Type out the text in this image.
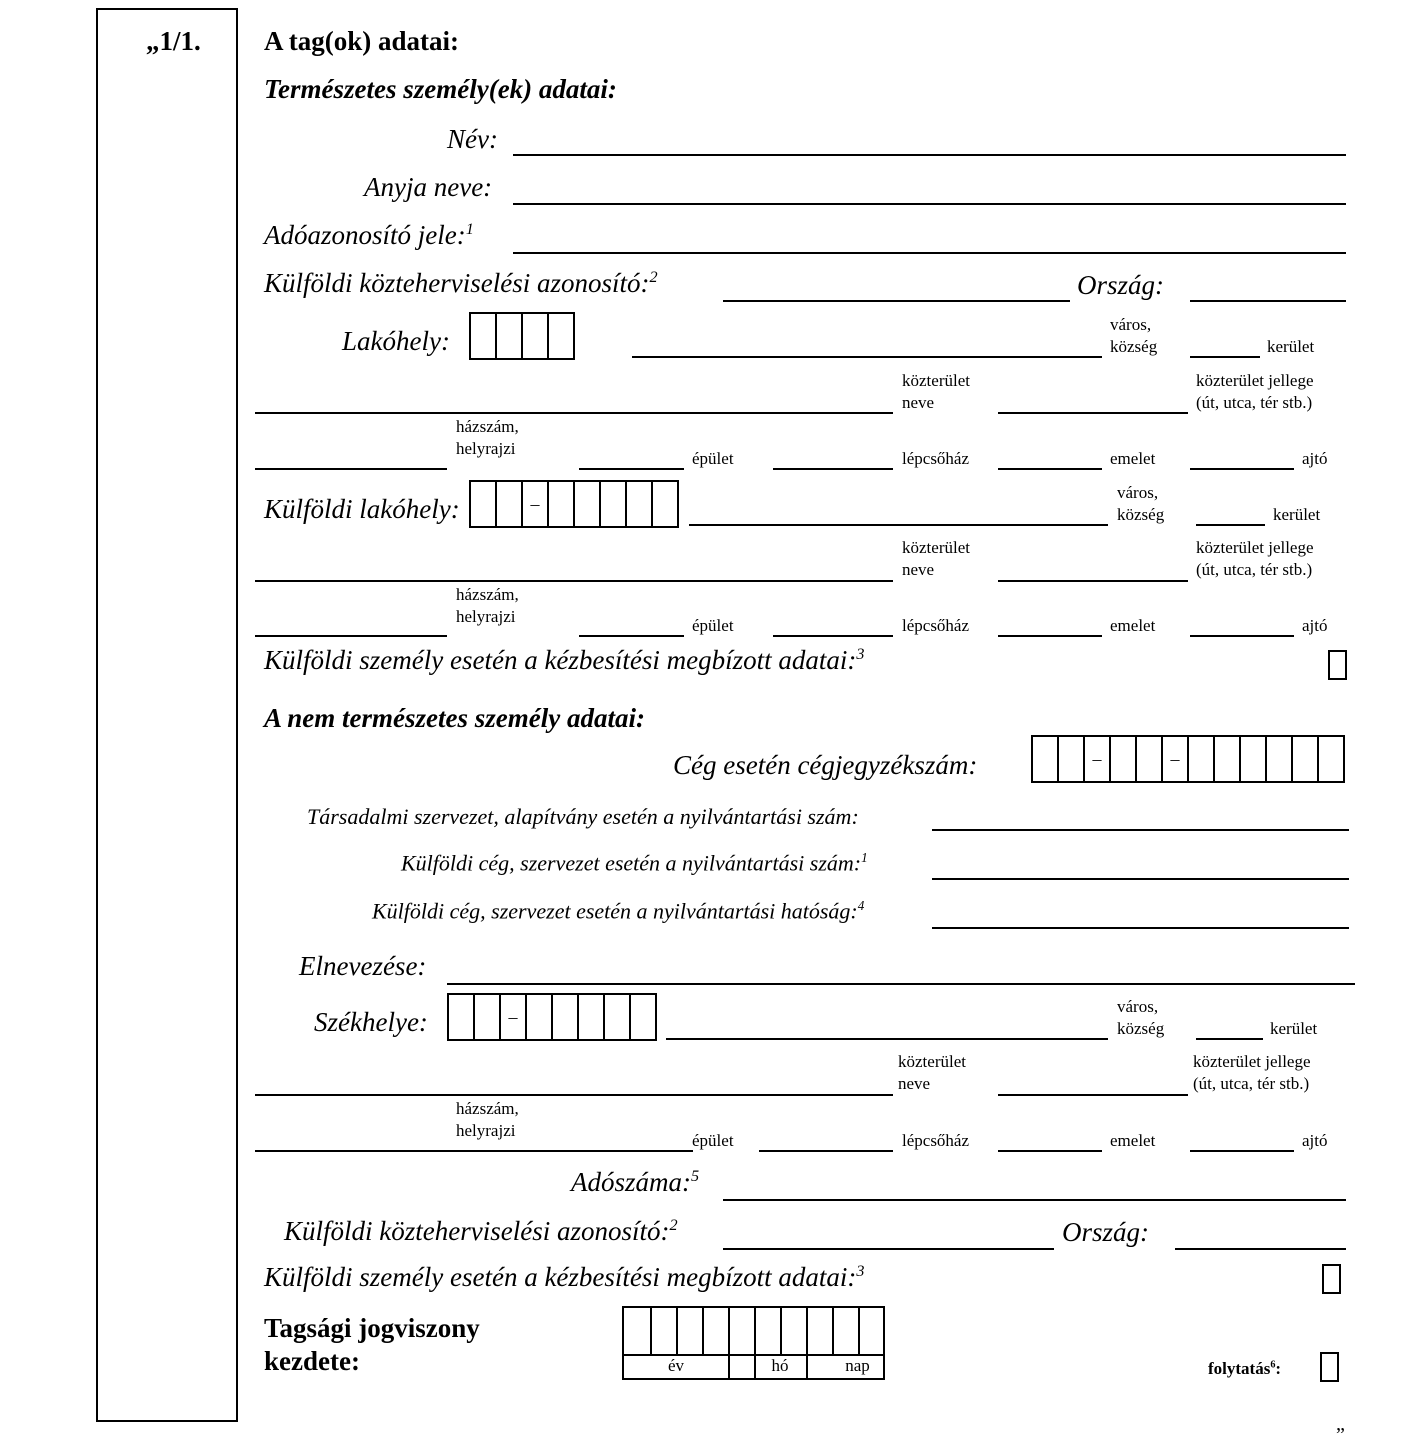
„1/1. A tag(ok) adatai:
Természetes személy(ek) adatai:
Név:
Anyja neve:
Adóazonosító jele:$^1$
Külföldi közteherviselési azonosító:$^2$	Ország:
Lakóhely:
város,
község	kerület
közterület
neve
közterület jellege
(út, utca, tér stb.)
házszám,
helyrajzi
épület	lépcsőház	emelet	ajtó
Külföldi lakóhely:	–
város,
község	kerület
közterület
neve
közterület jellege
(út, utca, tér stb.)
házszám,
helyrajzi	épület	lépcsőház	emelet	ajtó
Külföldi személy esetén a kézbesítési megbízott adatai:$^3$
A nem természetes személy adatai:
Cég esetén cégjegyzékszám:	–	–
Társadalmi szervezet, alapítvány esetén a nyilvántartási szám:
Külföldi cég, szervezet esetén a nyilvántartási szám:$^1$
Külföldi cég, szervezet esetén a nyilvántartási hatóság:$^4$
Elnevezése:
Székhelye:	–	város,
község	kerület
közterület
neve
közterület jellege
(út, utca, tér stb.)
házszám,
helyrajzi
épület	lépcsőház	emelet	ajtó
Adószáma:$^5$
Külföldi közteherviselési azonosító:$^2$	Ország:
Külföldi személy esetén a kézbesítési megbízott adatai:$^3$
Tagsági jogviszony
kezdete:	év	hó	nap	folytatás$^6$:
”
